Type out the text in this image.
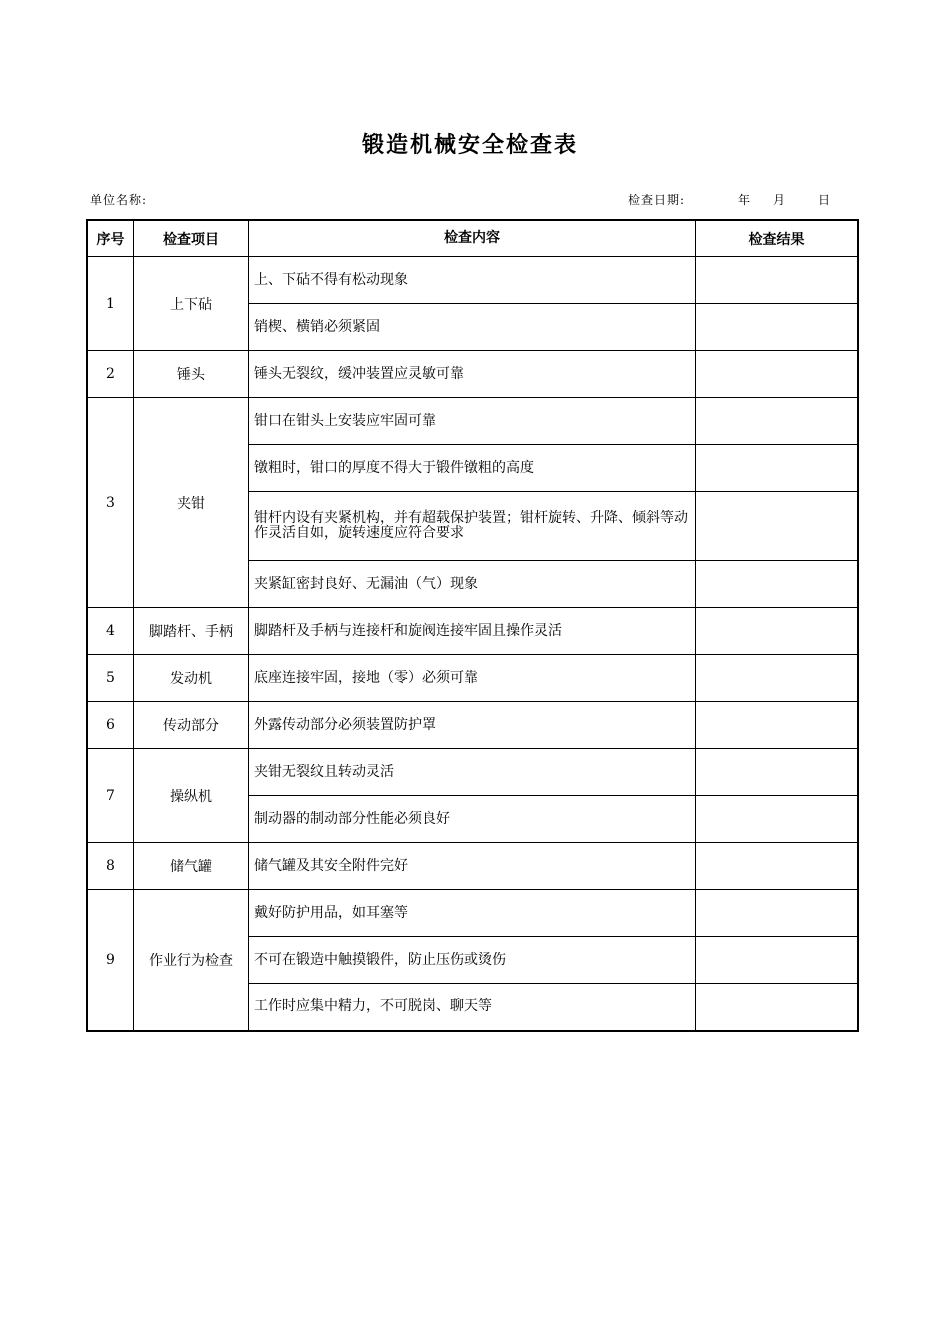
锻造机械安全检查表
单位名称:	检查日期:	年 月	日
序号	检查项目	检查内容	检查结果
1	上下砧	上、下砧不得有松动现象	
		销楔、横销必须紧固	
2	锤头	锤头无裂纹，缓冲装置应灵敏可靠	
3	夹钳	钳口在钳头上安装应牢固可靠	
		镦粗时，钳口的厚度不得大于锻件镦粗的高度	
		钳杆内设有夹紧机构，并有超载保护装置；钳杆旋转、升降、倾斜等动作灵活自如，旋转速度应符合要求	
		夹紧缸密封良好、无漏油（气）现象	
4	脚踏杆、手柄	脚踏杆及手柄与连接杆和旋阀连接牢固且操作灵活	
5	发动机	底座连接牢固，接地（零）必须可靠	
6	传动部分	外露传动部分必须装置防护罩	
7	操纵机	夹钳无裂纹且转动灵活	
		制动器的制动部分性能必须良好	
8	储气罐	储气罐及其安全附件完好	
9	作业行为检查	戴好防护用品，如耳塞等	
		不可在锻造中触摸锻件，防止压伤或烫伤	
		工作时应集中精力，不可脱岗、聊天等	
